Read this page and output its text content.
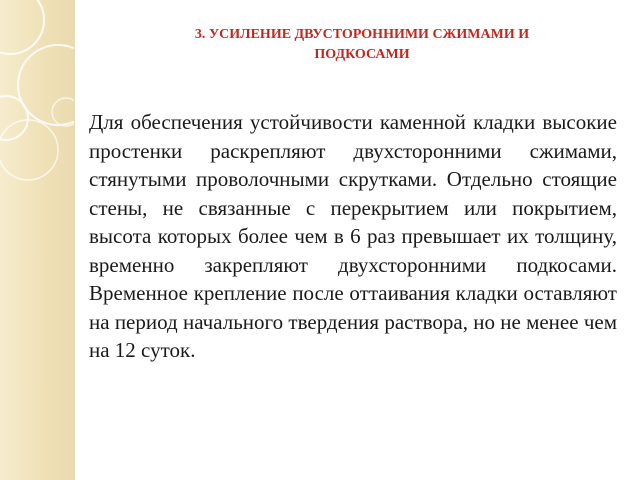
3. УСИЛЕНИЕ ДВУСТОРОННИМИ СЖИМАМИ И
ПОДКОСАМИ

Для обеспечения устойчивости каменной кладки высокие простенки раскрепляют двухсторонними сжимами, стянутыми проволочными скрутками. Отдельно стоящие стены, не связанные с перекрытием или покрытием, высота которых более чем в 6 раз превышает их толщину, временно закрепляют двухсторонними подкосами. Временное крепление после оттаивания кладки оставляют на период начального твердения раствора, но не менее чем на 12 суток.
